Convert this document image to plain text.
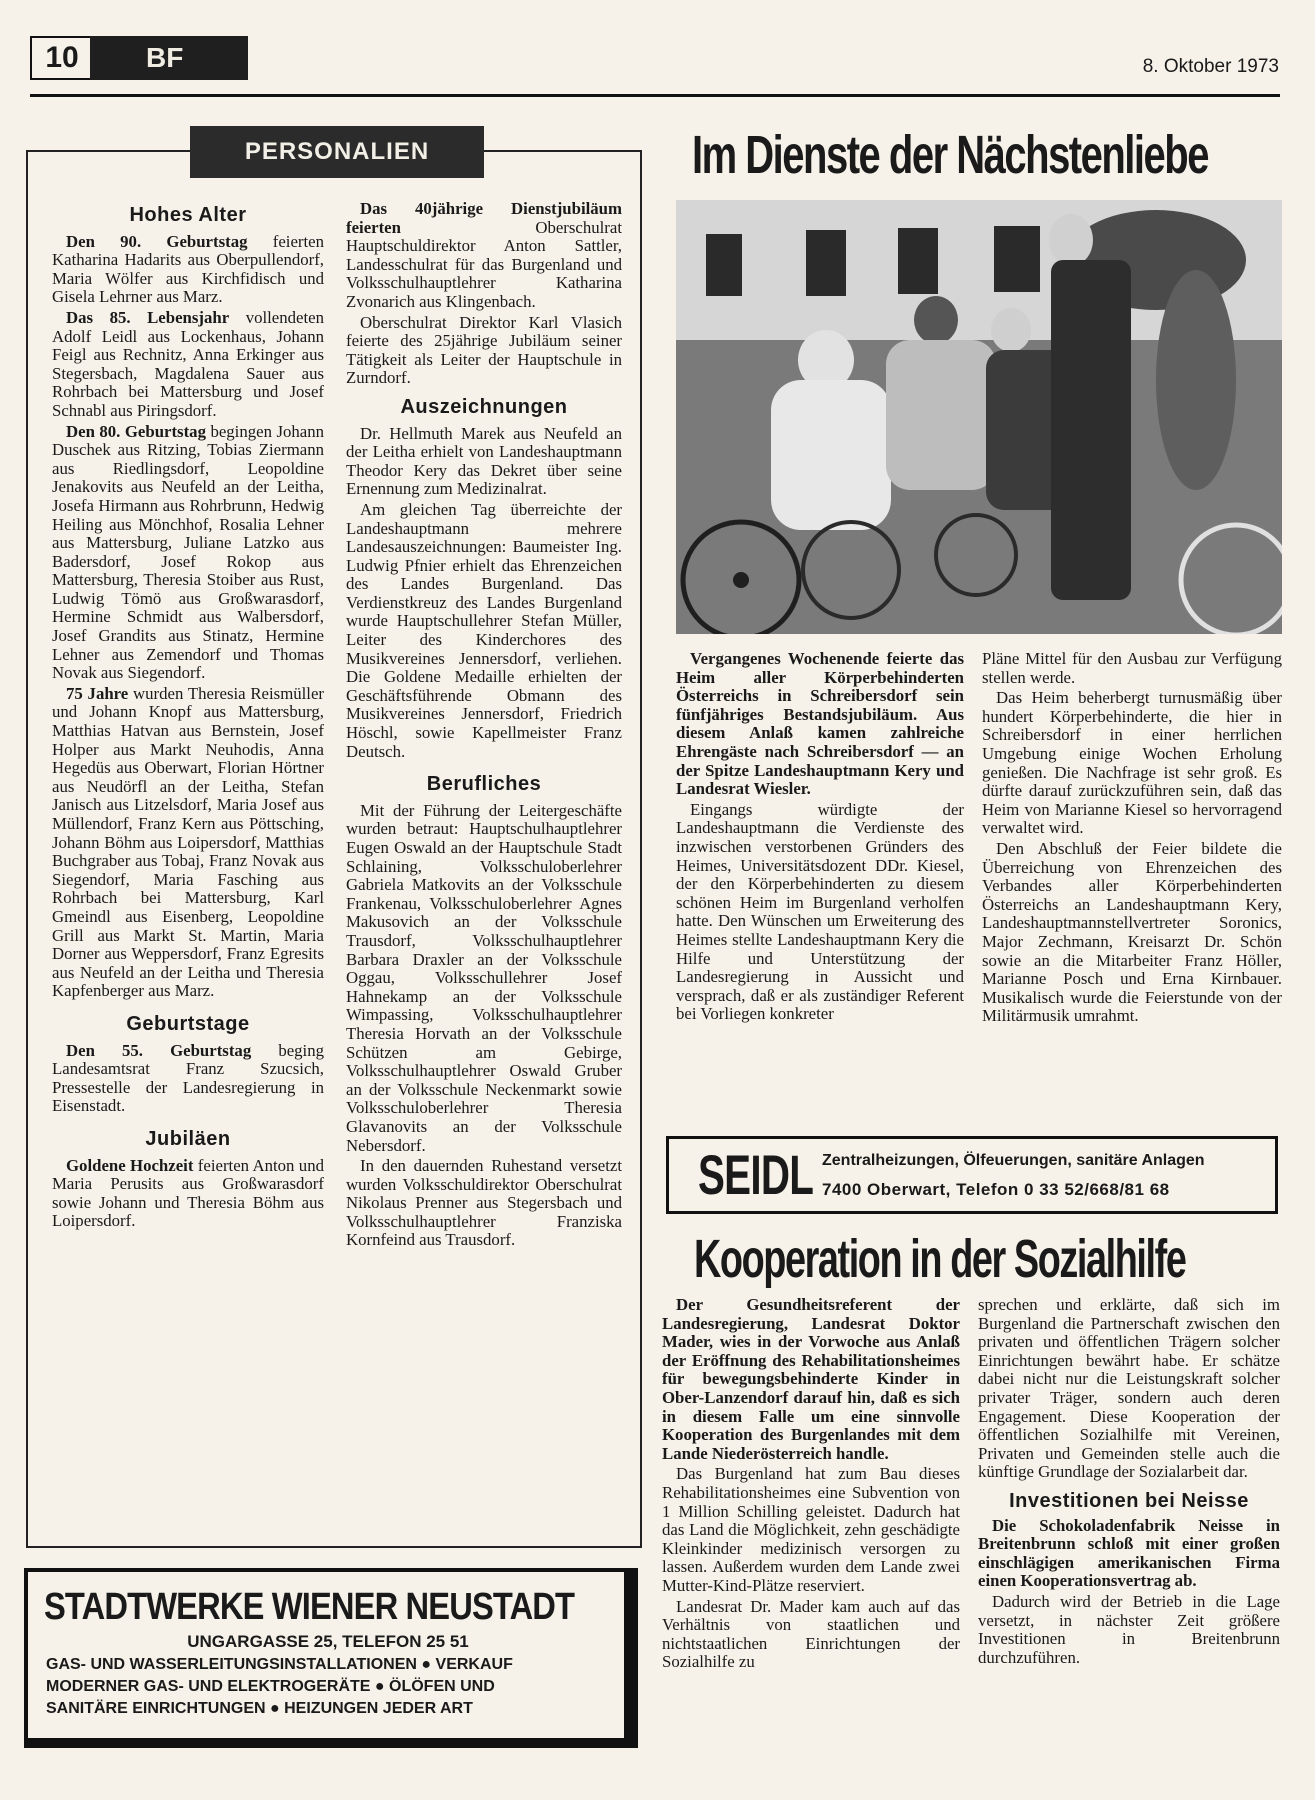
10	BF	8. Oktober 1973
PERSONALIEN
Hohes Alter

Den 90. Geburtstag feierten Katharina Hadarits aus Oberpullendorf, Maria Wölfer aus Kirchfidisch und Gisela Lehrner aus Marz.

Das 85. Lebensjahr vollendeten Adolf Leidl aus Lockenhaus, Johann Feigl aus Rechnitz, Anna Erkinger aus Stegersbach, Magdalena Sauer aus Rohrbach bei Mattersburg und Josef Schnabl aus Piringsdorf.

Den 80. Geburtstag begingen Johann Duschek aus Ritzing, Tobias Ziermann aus Riedlingsdorf, Leopoldine Jenakovits aus Neufeld an der Leitha, Josefa Hirmann aus Rohrbrunn, Hedwig Heiling aus Mönchhof, Rosalia Lehner aus Mattersburg, Juliane Latzko aus Badersdorf, Josef Rokop aus Mattersburg, Theresia Stoiber aus Rust, Ludwig Tömö aus Großwarasdorf, Hermine Schmidt aus Walbersdorf, Josef Grandits aus Stinatz, Hermine Lehner aus Zemendorf und Thomas Novak aus Siegendorf.

75 Jahre wurden Theresia Reismüller und Johann Knopf aus Mattersburg, Matthias Hatvan aus Bernstein, Josef Holper aus Markt Neuhodis, Anna Hegedüs aus Oberwart, Florian Hörtner aus Neudörfl an der Leitha, Stefan Janisch aus Litzelsdorf, Maria Josef aus Müllendorf, Franz Kern aus Pöttsching, Johann Böhm aus Loipersdorf, Matthias Buchgraber aus Tobaj, Franz Novak aus Siegendorf, Maria Fasching aus Rohrbach bei Mattersburg, Karl Gmeindl aus Eisenberg, Leopoldine Grill aus Markt St. Martin, Maria Dorner aus Weppersdorf, Franz Egresits aus Neufeld an der Leitha und Theresia Kapfenberger aus Marz.

Geburtstage

Den 55. Geburtstag beging Landesamtsrat Franz Szucsich, Pressestelle der Landesregierung in Eisenstadt.

Jubiläen

Goldene Hochzeit feierten Anton und Maria Perusits aus Großwarasdorf sowie Johann und Theresia Böhm aus Loipersdorf.

Das 40jährige Dienstjubiläum feierten Oberschulrat Hauptschuldirektor Anton Sattler, Landesschulrat für das Burgenland und Volksschulhauptlehrer Katharina Zvonarich aus Klingenbach.

Oberschulrat Direktor Karl Vlasich feierte des 25jährige Jubiläum seiner Tätigkeit als Leiter der Hauptschule in Zurndorf.

Auszeichnungen

Dr. Hellmuth Marek aus Neufeld an der Leitha erhielt von Landeshauptmann Theodor Kery das Dekret über seine Ernennung zum Medizinalrat.

Am gleichen Tag überreichte der Landeshauptmann mehrere Landesauszeichnungen: Baumeister Ing. Ludwig Pfnier erhielt das Ehrenzeichen des Landes Burgenland. Das Verdienstkreuz des Landes Burgenland wurde Hauptschullehrer Stefan Müller, Leiter des Kinderchores des Musikvereines Jennersdorf, verliehen. Die Goldene Medaille erhielten der Geschäftsführende Obmann des Musikvereines Jennersdorf, Friedrich Höschl, sowie Kapellmeister Franz Deutsch.

Berufliches

Mit der Führung der Leitergeschäfte wurden betraut: Hauptschulhauptlehrer Eugen Oswald an der Hauptschule Stadt Schlaining, Volksschuloberlehrer Gabriela Matkovits an der Volksschule Frankenau, Volksschuloberlehrer Agnes Makusovich an der Volksschule Trausdorf, Volksschulhauptlehrer Barbara Draxler an der Volksschule Oggau, Volksschullehrer Josef Hahnekamp an der Volksschule Wimpassing, Volksschulhauptlehrer Theresia Horvath an der Volksschule Schützen am Gebirge, Volksschulhauptlehrer Oswald Gruber an der Volksschule Neckenmarkt sowie Volksschuloberlehrer Theresia Glavanovits an der Volksschule Nebersdorf.

In den dauernden Ruhestand versetzt wurden Volksschuldirektor Oberschulrat Nikolaus Prenner aus Stegersbach und Volksschulhauptlehrer Franziska Kornfeind aus Trausdorf.

STADTWERKE WIENER NEUSTADT
UNGARGASSE 25, TELEFON 25 51
GAS- UND WASSERLEITUNGSINSTALLATIONEN ● VERKAUF
MODERNER GAS- UND ELEKTROGERÄTE ● ÖLÖFEN UND
SANITÄRE EINRICHTUNGEN ● HEIZUNGEN JEDER ART
Im Dienste der Nächstenliebe

Vergangenes Wochenende feierte das Heim aller Körperbehinderten Österreichs in Schreibersdorf sein fünfjähriges Bestandsjubiläum. Aus diesem Anlaß kamen zahlreiche Ehrengäste nach Schreibersdorf — an der Spitze Landeshauptmann Kery und Landesrat Wiesler.

Eingangs würdigte der Landeshauptmann die Verdienste des inzwischen verstorbenen Gründers des Heimes, Universitätsdozent DDr. Kiesel, der den Körperbehinderten zu diesem schönen Heim im Burgenland verholfen hatte. Den Wünschen um Erweiterung des Heimes stellte Landeshauptmann Kery die Hilfe und Unterstützung der Landesregierung in Aussicht und versprach, daß er als zuständiger Referent bei Vorliegen konkreter

Pläne Mittel für den Ausbau zur Verfügung stellen werde.

Das Heim beherbergt turnusmäßig über hundert Körperbehinderte, die hier in Schreibersdorf in einer herrlichen Umgebung einige Wochen Erholung genießen. Die Nachfrage ist sehr groß. Es dürfte darauf zurückzuführen sein, daß das Heim von Marianne Kiesel so hervorragend verwaltet wird.

Den Abschluß der Feier bildete die Überreichung von Ehrenzeichen des Verbandes aller Körperbehinderten Österreichs an Landeshauptmann Kery, Landeshauptmannstellvertreter Soronics, Major Zechmann, Kreisarzt Dr. Schön sowie an die Mitarbeiter Franz Höller, Marianne Posch und Erna Kirnbauer. Musikalisch wurde die Feierstunde von der Militärmusik umrahmt.

SEIDL Zentralheizungen, Ölfeuerungen, sanitäre Anlagen
7400 Oberwart, Telefon 0 33 52/668/81 68
Kooperation in der Sozialhilfe

Der Gesundheitsreferent der Landesregierung, Landesrat Doktor Mader, wies in der Vorwoche aus Anlaß der Eröffnung des Rehabilitationsheimes für bewegungsbehinderte Kinder in Ober-Lanzendorf darauf hin, daß es sich in diesem Falle um eine sinnvolle Kooperation des Burgenlandes mit dem Lande Niederösterreich handle.

Das Burgenland hat zum Bau dieses Rehabilitationsheimes eine Subvention von 1 Million Schilling geleistet. Dadurch hat das Land die Möglichkeit, zehn geschädigte Kleinkinder medizinisch versorgen zu lassen. Außerdem wurden dem Lande zwei Mutter-Kind-Plätze reserviert.

Landesrat Dr. Mader kam auch auf das Verhältnis von staatlichen und nichtstaatlichen Einrichtungen der Sozialhilfe zu

sprechen und erklärte, daß sich im Burgenland die Partnerschaft zwischen den privaten und öffentlichen Trägern solcher Einrichtungen bewährt habe. Er schätze dabei nicht nur die Leistungskraft solcher privater Träger, sondern auch deren Engagement. Diese Kooperation der öffentlichen Sozialhilfe mit Vereinen, Privaten und Gemeinden stelle auch die künftige Grundlage der Sozialarbeit dar.

Investitionen bei Neisse

Die Schokoladenfabrik Neisse in Breitenbrunn schloß mit einer großen einschlägigen amerikanischen Firma einen Kooperationsvertrag ab.

Dadurch wird der Betrieb in die Lage versetzt, in nächster Zeit größere Investitionen in Breitenbrunn durchzuführen.
